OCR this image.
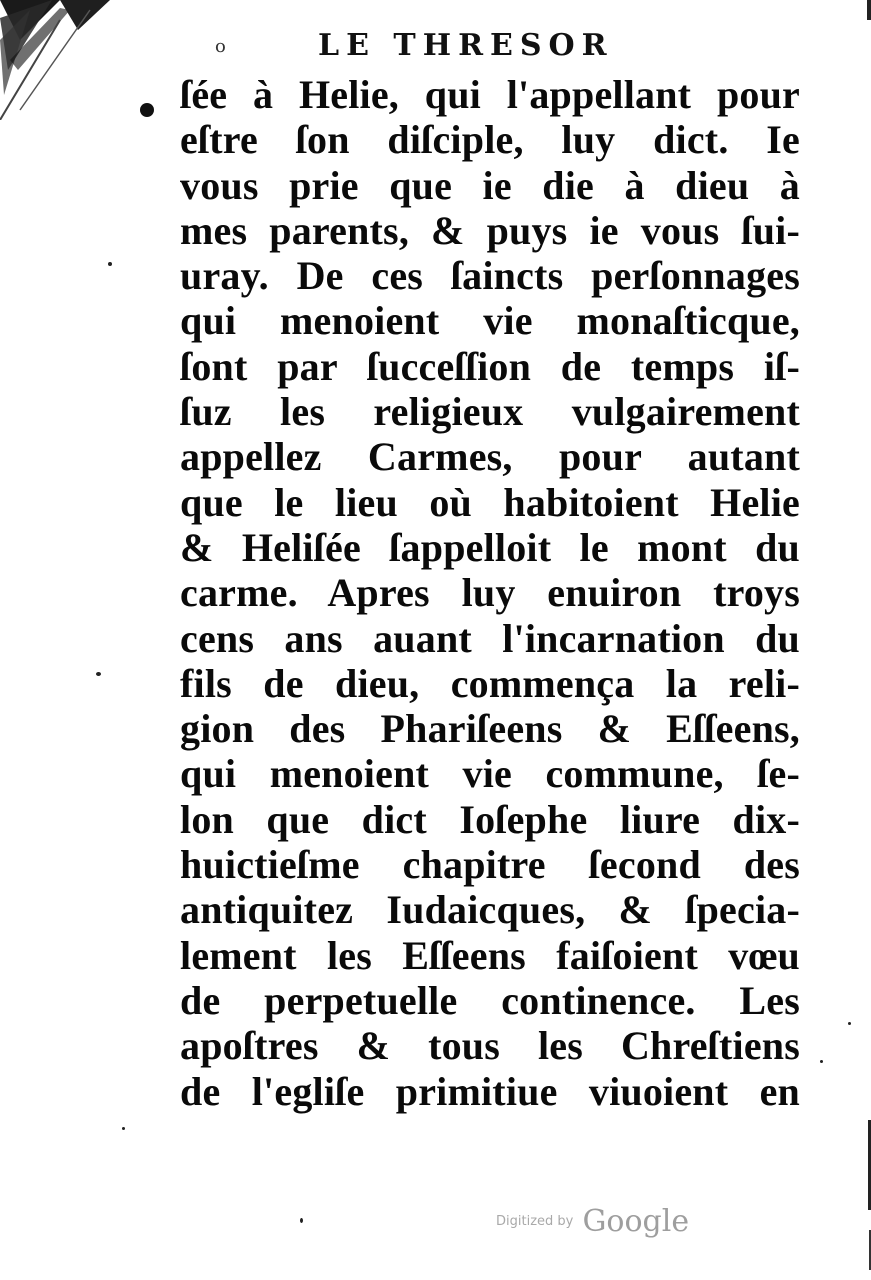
o	LE THRESOR
ſée à Helie, qui l'appellant pour
eſtre ſon diſciple, luy dict. Ie
vous prie que ie die à dieu à
mes parents, & puys ie vous ſui-
uray. De ces ſaincts perſonnages
qui menoient vie monaſticque,
ſont par ſucceſſion de temps iſ-
ſuz les religieux vulgairement
appellez Carmes, pour autant
que le lieu où habitoient Helie
& Heliſée ſappelloit le mont du
carme. Apres luy enuiron troys
cens ans auant l'incarnation du
fils de dieu, commença la reli-
gion des Phariſeens & Eſſeens,
qui menoient vie commune, ſe-
lon que dict Ioſephe liure dix-
huictieſme chapitre ſecond des
antiquitez Iudaicques, & ſpecia-
lement les Eſſeens faiſoient vœu
de perpetuelle continence. Les
apoſtres & tous les Chreſtiens
de l'egliſe primitiue viuoient en
Digitized by Google
